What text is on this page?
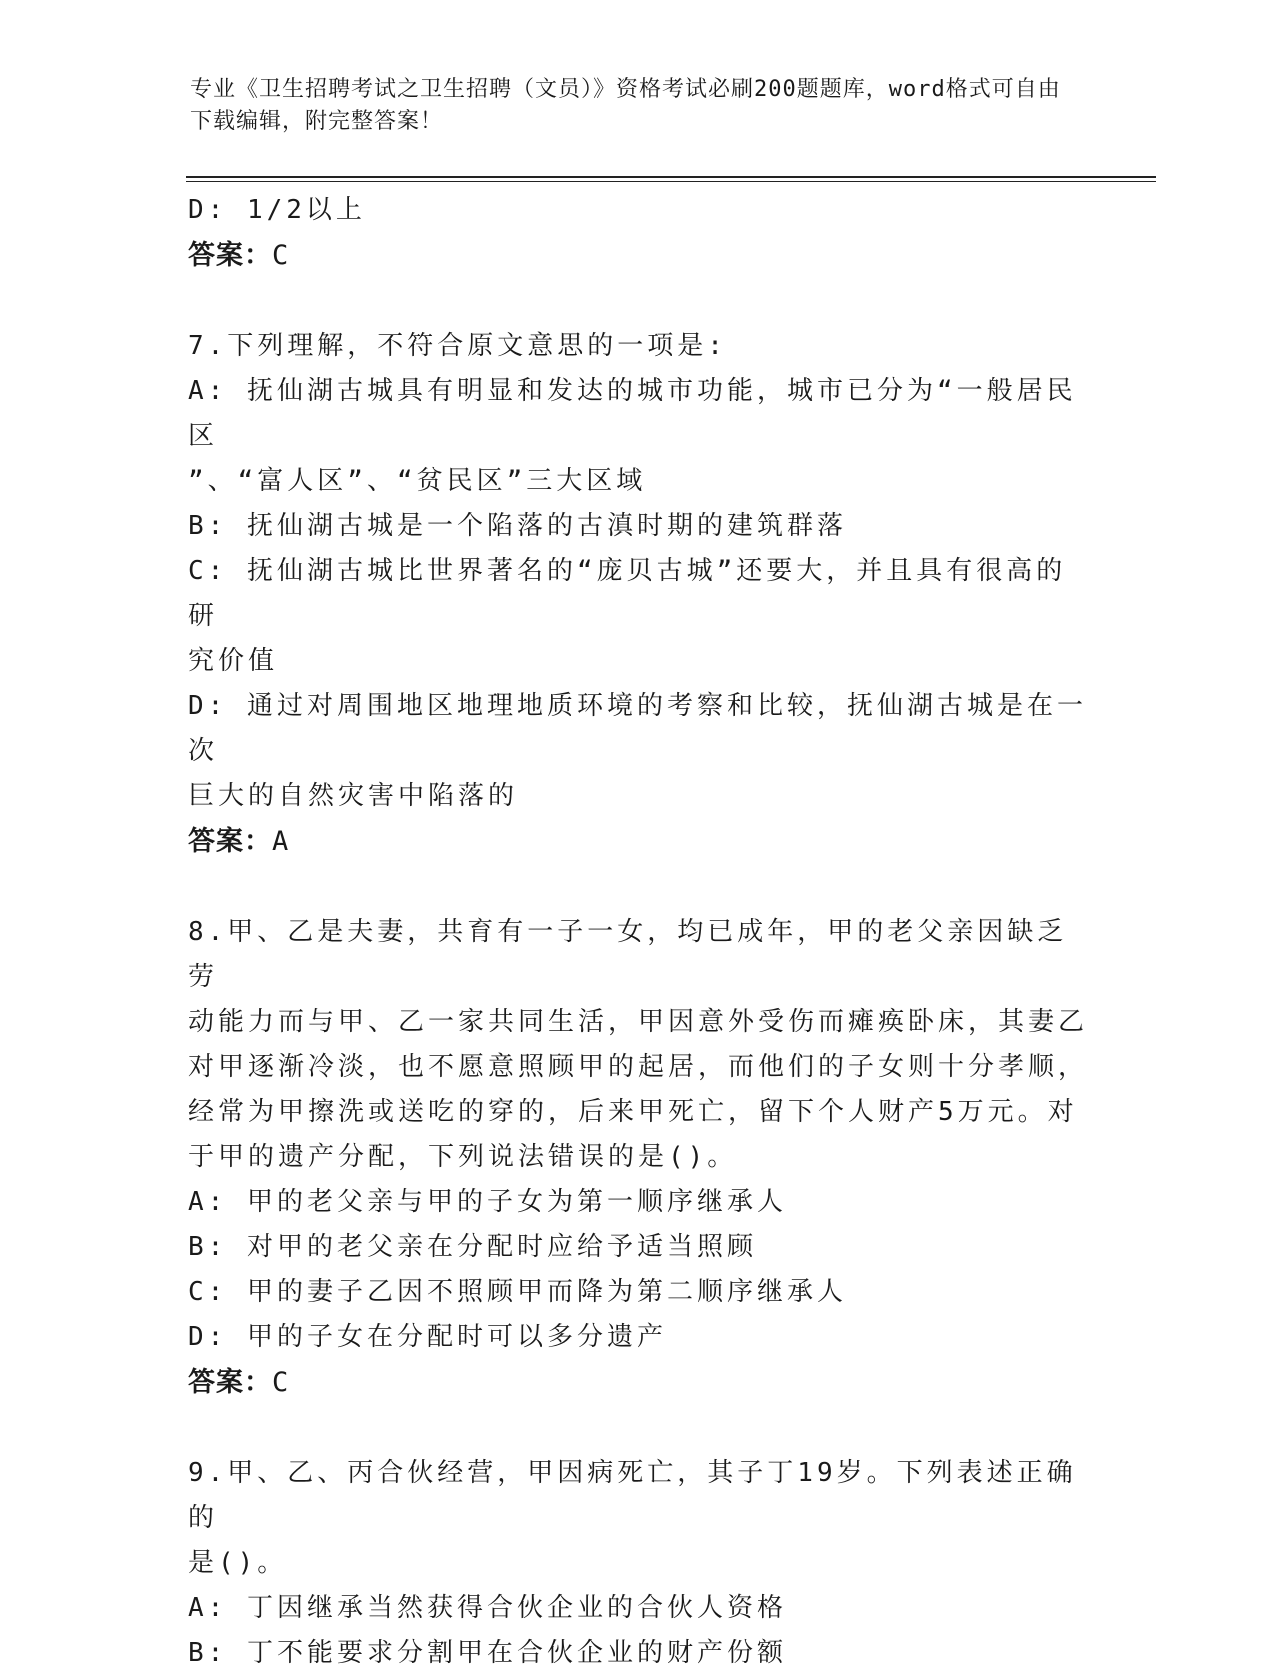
专业《卫生招聘考试之卫生招聘（文员）》资格考试必刷200题题库，word格式可自由下载编辑，附完整答案！
D: 1/2以上
答案：C
7.下列理解，不符合原文意思的一项是:
A: 抚仙湖古城具有明显和发达的城市功能，城市已分为“一般居民区
”、“富人区”、“贫民区”三大区域
B: 抚仙湖古城是一个陷落的古滇时期的建筑群落
C: 抚仙湖古城比世界著名的“庞贝古城”还要大，并且具有很高的研
究价值
D: 通过对周围地区地理地质环境的考察和比较，抚仙湖古城是在一次
巨大的自然灾害中陷落的
答案：A
8.甲、乙是夫妻，共育有一子一女，均已成年，甲的老父亲因缺乏劳
动能力而与甲、乙一家共同生活，甲因意外受伤而瘫痪卧床，其妻乙
对甲逐渐冷淡，也不愿意照顾甲的起居，而他们的子女则十分孝顺，
经常为甲擦洗或送吃的穿的，后来甲死亡，留下个人财产5万元。对
于甲的遗产分配，下列说法错误的是()。
A: 甲的老父亲与甲的子女为第一顺序继承人
B: 对甲的老父亲在分配时应给予适当照顾
C: 甲的妻子乙因不照顾甲而降为第二顺序继承人
D: 甲的子女在分配时可以多分遗产
答案：C
9.甲、乙、丙合伙经营，甲因病死亡，其子丁19岁。下列表述正确的
是()。
A: 丁因继承当然获得合伙企业的合伙人资格
B: 丁不能要求分割甲在合伙企业的财产份额
